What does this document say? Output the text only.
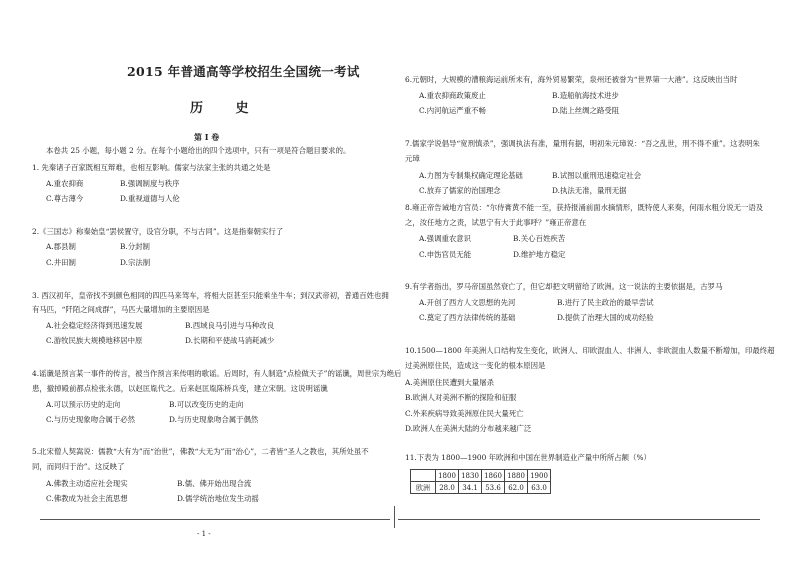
2015 年普通高等学校招生全国统一考试
历 史
第 I 卷
本卷共 25 小题，每小题 2 分。在每个小题给出的四个选项中，只有一项是符合题目要求的。
1. 先秦诸子百家既相互辩难，也相互影响。儒家与法家主张的共通之处是
A.重农抑商	B.强调制度与秩序
C.尊古薄今	D.重视道德与人伦
2.《三国志》称秦始皇“罢侯置守，设官分职，不与古同”。这是指秦朝实行了
A.郡县制	B.分封制
C.井田制	D.宗法制
3. 西汉初年，皇帝找不到颜色相同的四匹马来驾车，将相大臣甚至只能乘坐牛车；到汉武帝初，普通百姓也拥
有马匹，“阡陌之间成群”，马匹大量增加的主要原因是
A.社会稳定经济得到迅速发展	B.西域良马引进与马种改良
C.游牧民族大规模地移居中原	D.长期和平使战马消耗减少
4.谣谶是预言某一事件的传言，被当作预言来传唱的歌谣。后周时，有人制造“点检做天子”的谣谶，周世宗为绝后
患，撤掉殿前都点检张永德，以赵匡胤代之。后来赵匡胤陈桥兵变，建立宋朝。这说明谣谶
A.可以预示历史的走向	B.可以改变历史的走向
C.与历史现象吻合属于必然	D.与历史现象吻合属于偶然
5.北宋僧人契嵩说：儒教“大有为”而“治世”，佛教“大无为”而“治心”，二者皆“圣人之教也，其所处虽不
同，而同归于治”。这反映了
A.佛教主动适应社会现实	B.儒、佛开始出现合流
C.佛教成为社会主流思想	D.儒学统治地位发生动摇
6.元朝时，大规模的漕粮海运前所未有，海外贸易繁荣，泉州还被誉为“世界第一大港”。这反映出当时
A.重农抑商政策废止	B.造船航海技术进步
C.内河航运严重不畅	D.陆上丝绸之路受阻
7.儒家学说倡导“宽刑慎杀”，强调执法有准，量刑有据，明初朱元璋说：“吾之乱世，刑不得不重”。这表明朱
元璋
A.力图为专制集权确定理论基础	B.试图以重刑迅速稳定社会
C.放弃了儒家的治国理念	D.执法无准，量刑无据
8.雍正帝告诫地方官员：“尔侍膏黄不能一至，获持报涌前面水摘情形，既特使人来奏，何雨水粗分说无一语及
之，汝任地方之责，试思宁有大于此事呼？”雍正帝意在
A.强调重农意识	B.关心百姓疾苦
C.申饬官员无能	D.维护地方稳定
9.有学者指出，罗马帝国虽然衰亡了，但它却把文明留给了欧洲。这一说法的主要依据是，古罗马
A.开创了西方人文思想的先河	B.进行了民主政治的最早尝试
C.奠定了西方法律传统的基础	D.提供了治理大国的成功经验
10.1500—1800 年美洲人口结构发生变化，欧洲人、印欧混血人、非洲人、非欧混血人数量不断增加，印最终超
过美洲原住民，造成这一变化的根本原因是
A.美洲原住民遭到大量屠杀
B.欧洲人对美洲不断的探险和征服
C.外来疾病导致美洲原住民大量死亡
D.欧洲人在美洲大陆的分布越来越广泛
11.下表为 1800—1900 年欧洲和中国在世界制造业产量中所所占额（%）
	1800	1830	1860	1880	1900
欧洲	28.0	34.1	53.6	62.0	63.0
- 1 -
